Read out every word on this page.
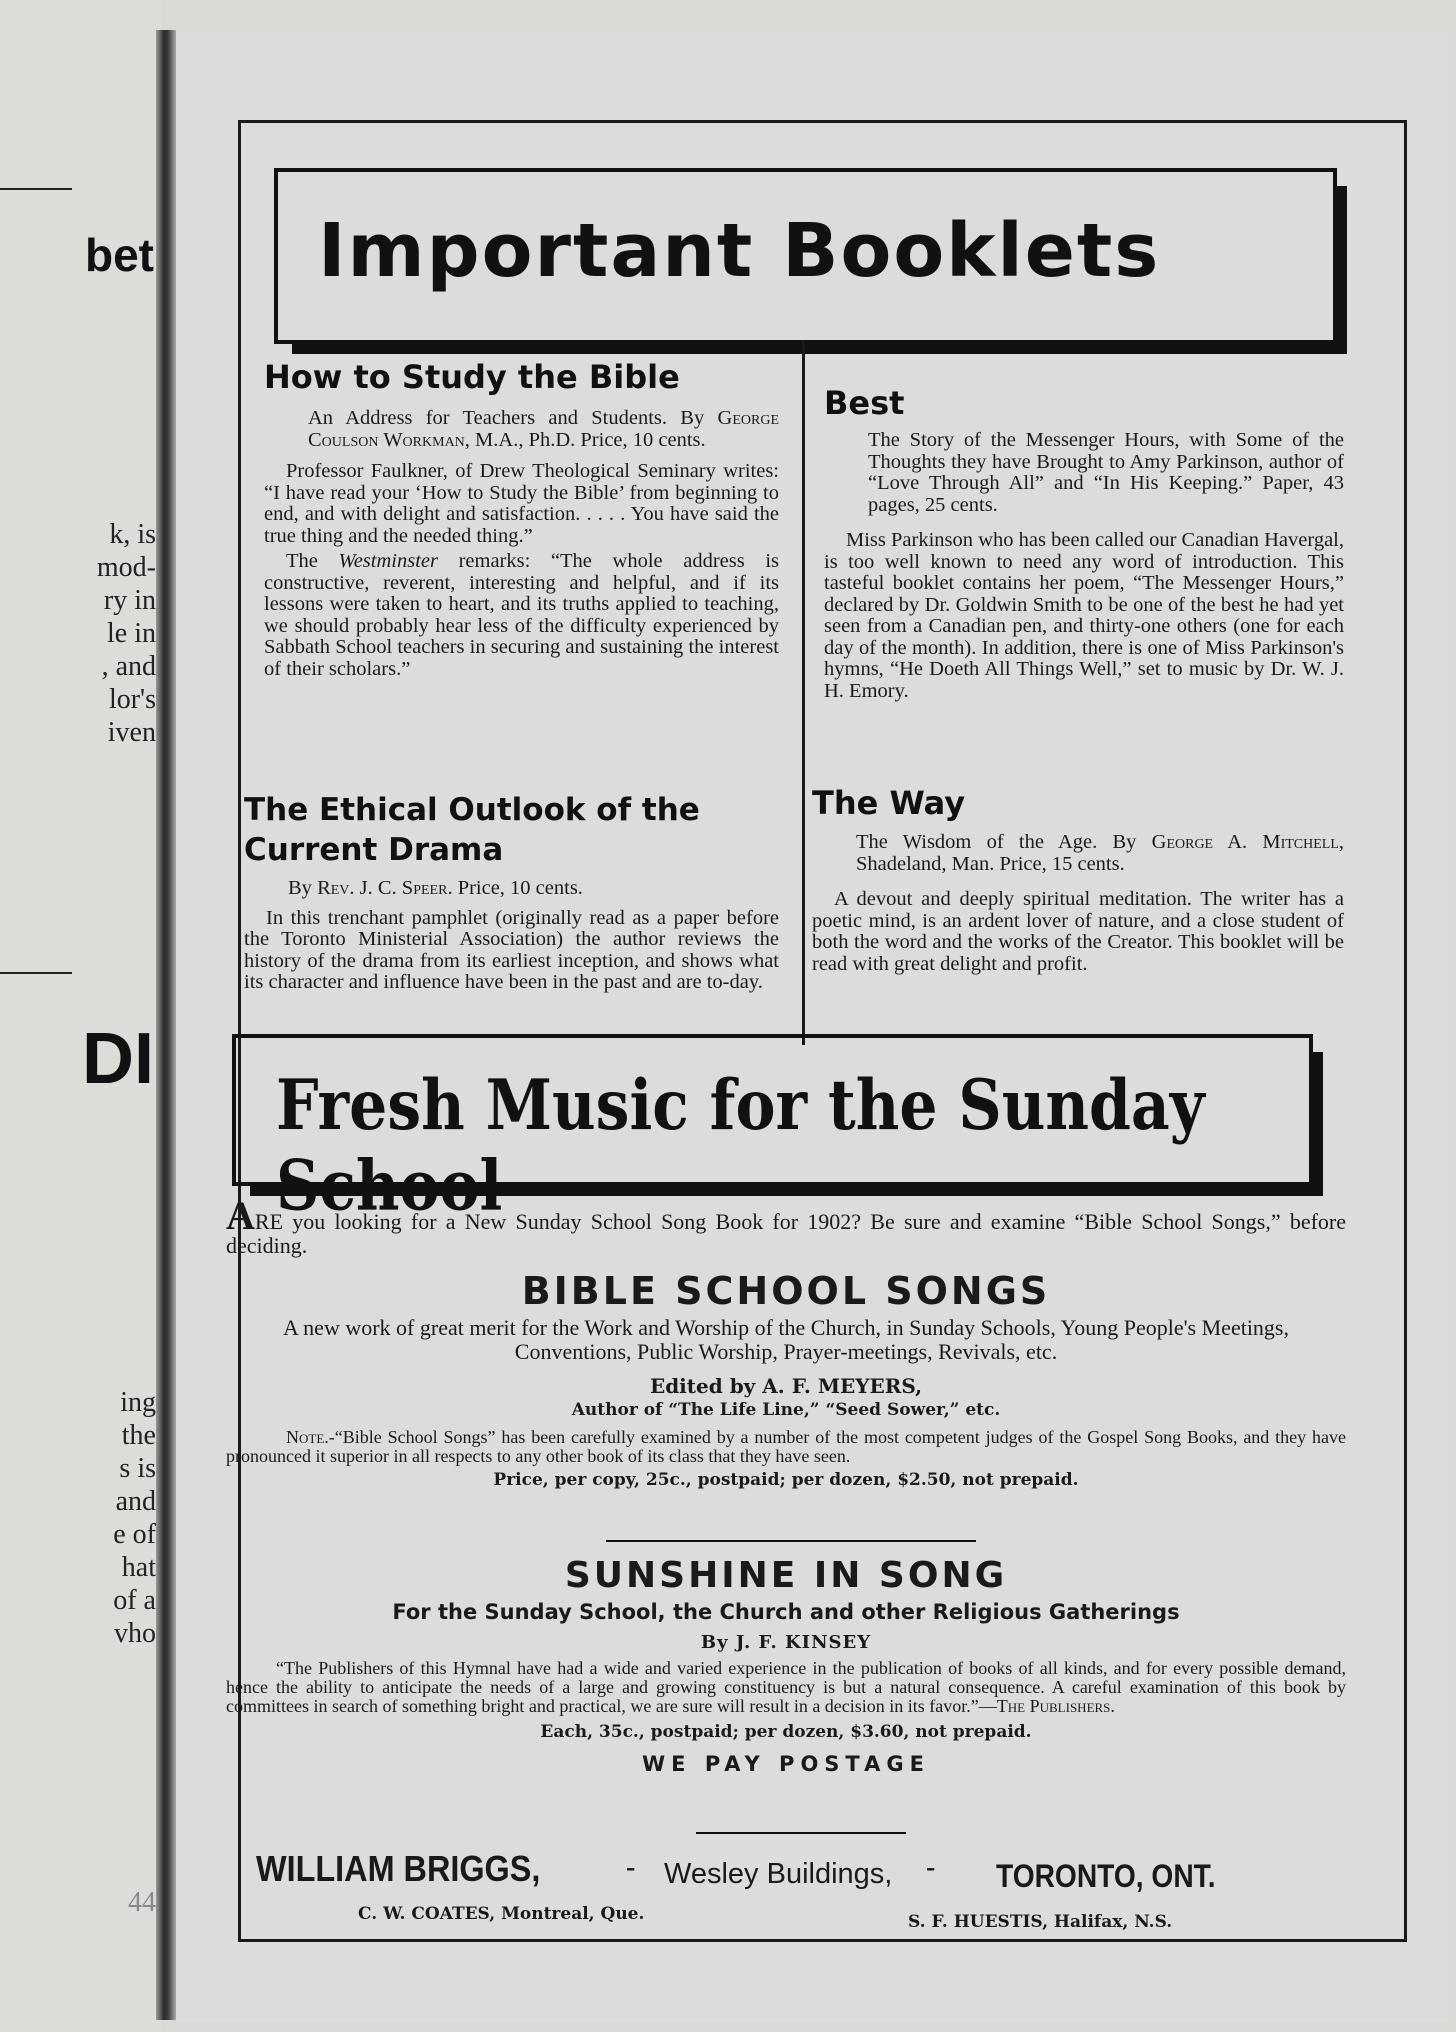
bet
k, is
mod-
ry in
le in
, and
lor's
iven
DI
ing
the
s is
and
e of
hat
of a
vho
44
Important Booklets
How to Study the Bible

An Address for Teachers and Students. By George Coulson Workman, M.A., Ph.D. Price, 10 cents.

Professor Faulkner, of Drew Theological Seminary writes: “I have read your ‘How to Study the Bible’ from beginning to end, and with delight and satisfaction. . . . . You have said the true thing and the needed thing.”

The Westminster remarks: “The whole address is constructive, reverent, interesting and helpful, and if its lessons were taken to heart, and its truths applied to teaching, we should probably hear less of the difficulty experienced by Sabbath School teachers in securing and sustaining the interest of their scholars.”

The Ethical Outlook of the Current Drama

By Rev. J. C. Speer. Price, 10 cents.

In this trenchant pamphlet (originally read as a paper before the Toronto Ministerial Association) the author reviews the history of the drama from its earliest inception, and shows what its character and influence have been in the past and are to-day.

Best

The Story of the Messenger Hours, with Some of the Thoughts they have Brought to Amy Parkinson, author of “Love Through All” and “In His Keeping.” Paper, 43 pages, 25 cents.

Miss Parkinson who has been called our Canadian Havergal, is too well known to need any word of introduction. This tasteful booklet contains her poem, “The Messenger Hours,” declared by Dr. Goldwin Smith to be one of the best he had yet seen from a Canadian pen, and thirty-one others (one for each day of the month). In addition, there is one of Miss Parkinson's hymns, “He Doeth All Things Well,” set to music by Dr. W. J. H. Emory.

The Way

The Wisdom of the Age. By George A. Mitchell, Shadeland, Man. Price, 15 cents.

A devout and deeply spiritual meditation. The writer has a poetic mind, is an ardent lover of nature, and a close student of both the word and the works of the Creator. This booklet will be read with great delight and profit.

Fresh Music for the Sunday School

ARE you looking for a New Sunday School Song Book for 1902? Be sure and examine “Bible School Songs,” before deciding.

BIBLE SCHOOL SONGS

A new work of great merit for the Work and Worship of the Church, in Sunday Schools, Young People's Meetings, Conventions, Public Worship, Prayer-meetings, Revivals, etc.

Edited by A. F. MEYERS,
Author of “The Life Line,” “Seed Sower,” etc.

Note.-“Bible School Songs” has been carefully examined by a number of the most competent judges of the Gospel Song Books, and they have pronounced it superior in all respects to any other book of its class that they have seen.

Price, per copy, 25c., postpaid; per dozen, $2.50, not prepaid.
SUNSHINE IN SONG
For the Sunday School, the Church and other Religious Gatherings
By J. F. KINSEY

“The Publishers of this Hymnal have had a wide and varied experience in the publication of books of all kinds, and for every possible demand, hence the ability to anticipate the needs of a large and growing constituency is but a natural consequence. A careful examination of this book by committees in search of something bright and practical, we are sure will result in a decision in its favor.”—The Publishers.

Each, 35c., postpaid; per dozen, $3.60, not prepaid.
WE PAY POSTAGE
WILLIAM BRIGGS,	- Wesley Buildings, - TORONTO, ONT.
C. W. COATES, Montreal, Que.	S. F. HUESTIS, Halifax, N.S.
